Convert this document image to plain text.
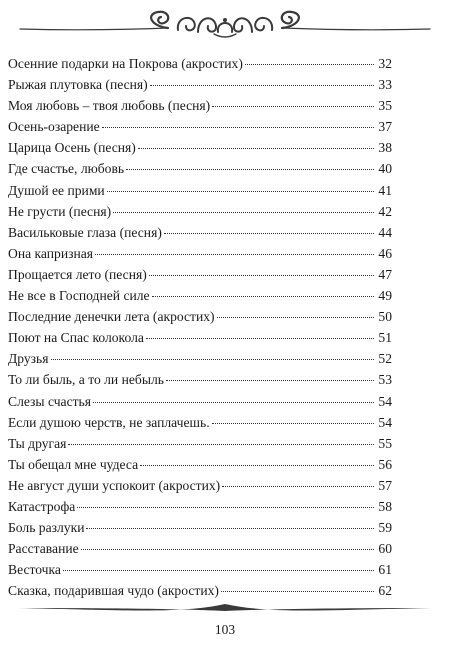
Осенние подарки на Покрова (акростих)	32
Рыжая плутовка (песня)	33
Моя любовь – твоя любовь (песня)	35
Осень-озарение	37
Царица Осень (песня)	38
Где счастье, любовь	40
Душой ее прими	41
Не грусти (песня)	42
Васильковые глаза (песня)	44
Она капризная	46
Прощается лето (песня)	47
Не все в Господней силе	49
Последние денечки лета (акростих)	50
Поют на Спас колокола	51
Друзья	52
То ли быль, а то ли небыль	53
Слезы счастья	54
Если душою черств, не заплачешь.	54
Ты другая	55
Ты обещал мне чудеса	56
Не август души успокоит (акростих)	57
Катастрофа	58
Боль разлуки	59
Расставание	60
Весточка	61
Сказка, подарившая чудо (акростих)	62
103
